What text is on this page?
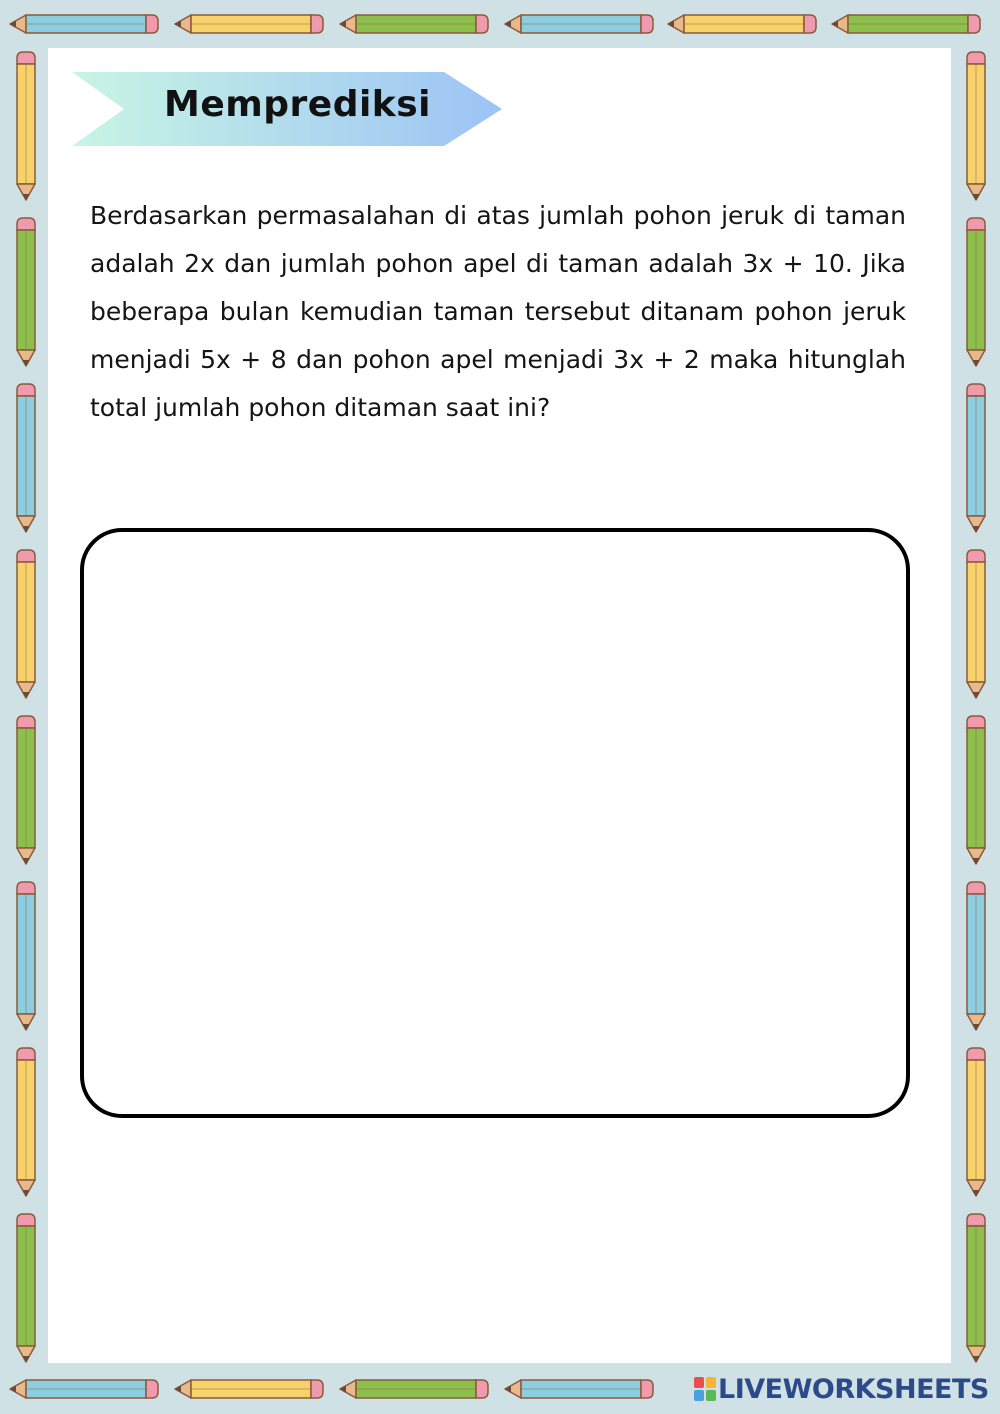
Memprediksi

Berdasarkan permasalahan di atas jumlah pohon jeruk di taman adalah 2x dan jumlah pohon apel di taman adalah 3x + 10. Jika beberapa bulan kemudian taman tersebut ditanam pohon jeruk menjadi 5x + 8 dan pohon apel menjadi 3x + 2 maka hitunglah total jumlah pohon ditaman saat ini?

LIVEWORKSHEETS
